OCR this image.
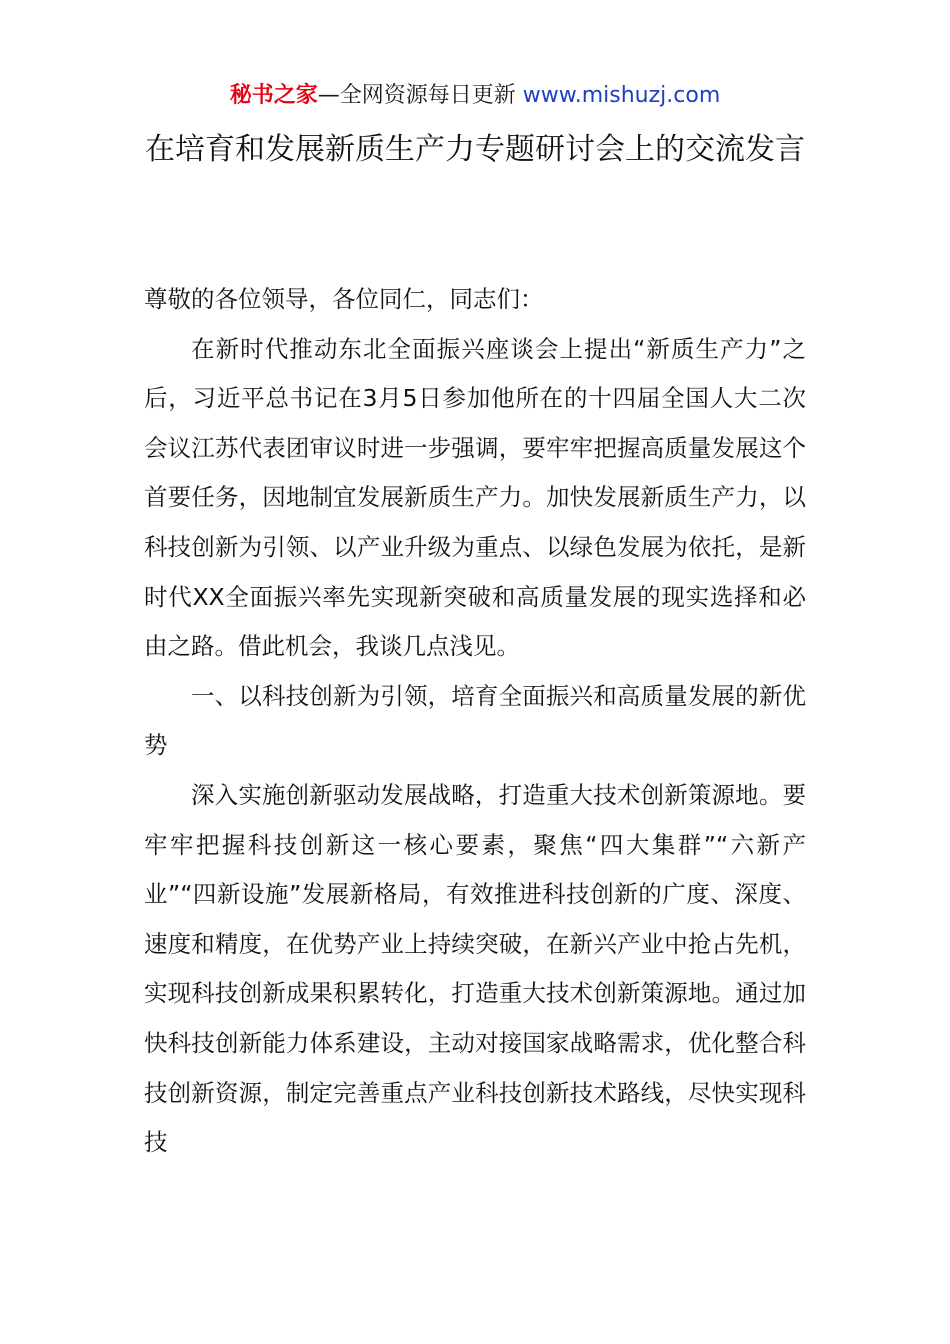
秘书之家—全网资源每日更新 www.mishuzj.com
在培育和发展新质生产力专题研讨会上的交流发言

尊敬的各位领导，各位同仁，同志们：

在新时代推动东北全面振兴座谈会上提出“新质生产力”之后，习近平总书记在3月5日参加他所在的十四届全国人大二次会议江苏代表团审议时进一步强调，要牢牢把握高质量发展这个首要任务，因地制宜发展新质生产力。加快发展新质生产力，以科技创新为引领、以产业升级为重点、以绿色发展为依托，是新时代XX全面振兴率先实现新突破和高质量发展的现实选择和必由之路。借此机会，我谈几点浅见。

一、以科技创新为引领，培育全面振兴和高质量发展的新优势

深入实施创新驱动发展战略，打造重大技术创新策源地。要牢牢把握科技创新这一核心要素，聚焦“四大集群”“六新产业”“四新设施”发展新格局，有效推进科技创新的广度、深度、速度和精度，在优势产业上持续突破，在新兴产业中抢占先机，实现科技创新成果积累转化，打造重大技术创新策源地。通过加快科技创新能力体系建设，主动对接国家战略需求，优化整合科技创新资源，制定完善重点产业科技创新技术路线，尽快实现科技
